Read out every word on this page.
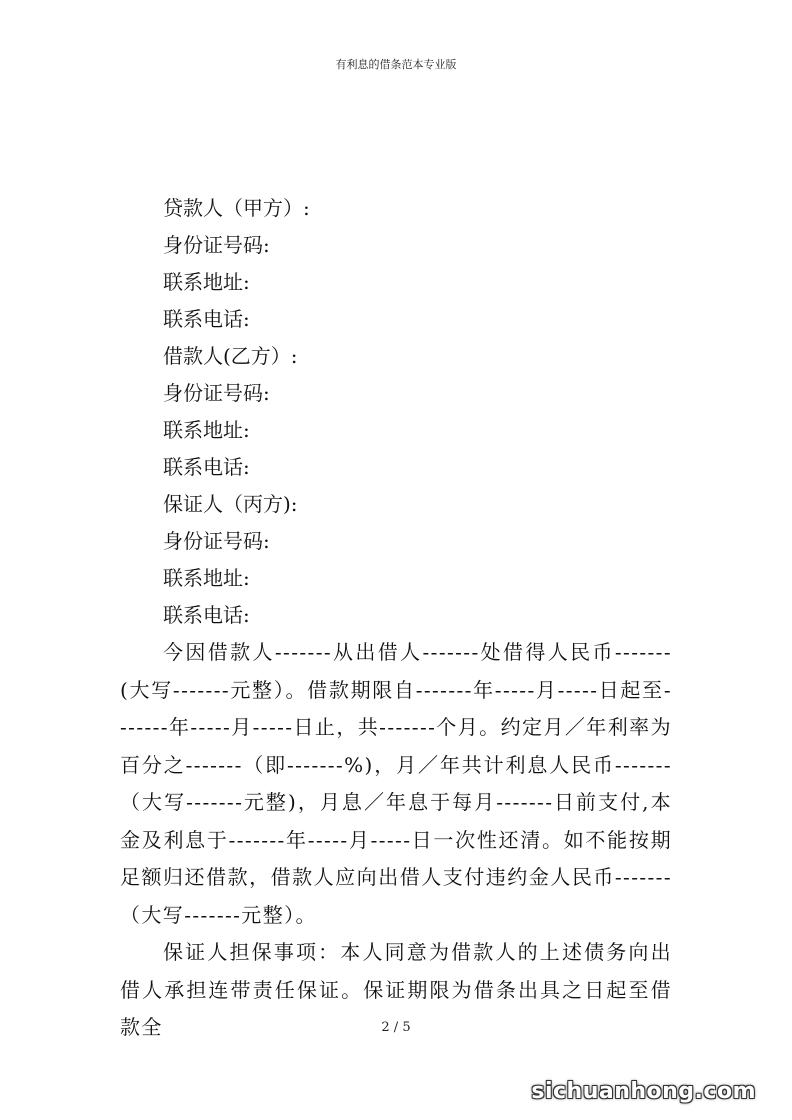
有利息的借条范本专业版
贷款人（甲方）:
身份证号码:
联系地址:
联系电话:
借款人(乙方）:
身份证号码:
联系地址:
联系电话:
保证人（丙方):
身份证号码:
联系地址:
联系电话:

今因借款人-------从出借人-------处借得人民币-------(大写-------元整）。借款期限自-------年-----月-----日起至-------年-----月-----日止，共-------个月。约定月／年利率为百分之-------（即-------%)，月／年共计利息人民币-------（大写-------元整)，月息／年息于每月-------日前支付,本金及利息于-------年-----月-----日一次性还清。如不能按期足额归还借款，借款人应向出借人支付违约金人民币-------（大写-------元整）。

保证人担保事项：本人同意为借款人的上述债务向出借人承担连带责任保证。保证期限为借条出具之日起至借款全	2 / 5
sichuanhong.com
